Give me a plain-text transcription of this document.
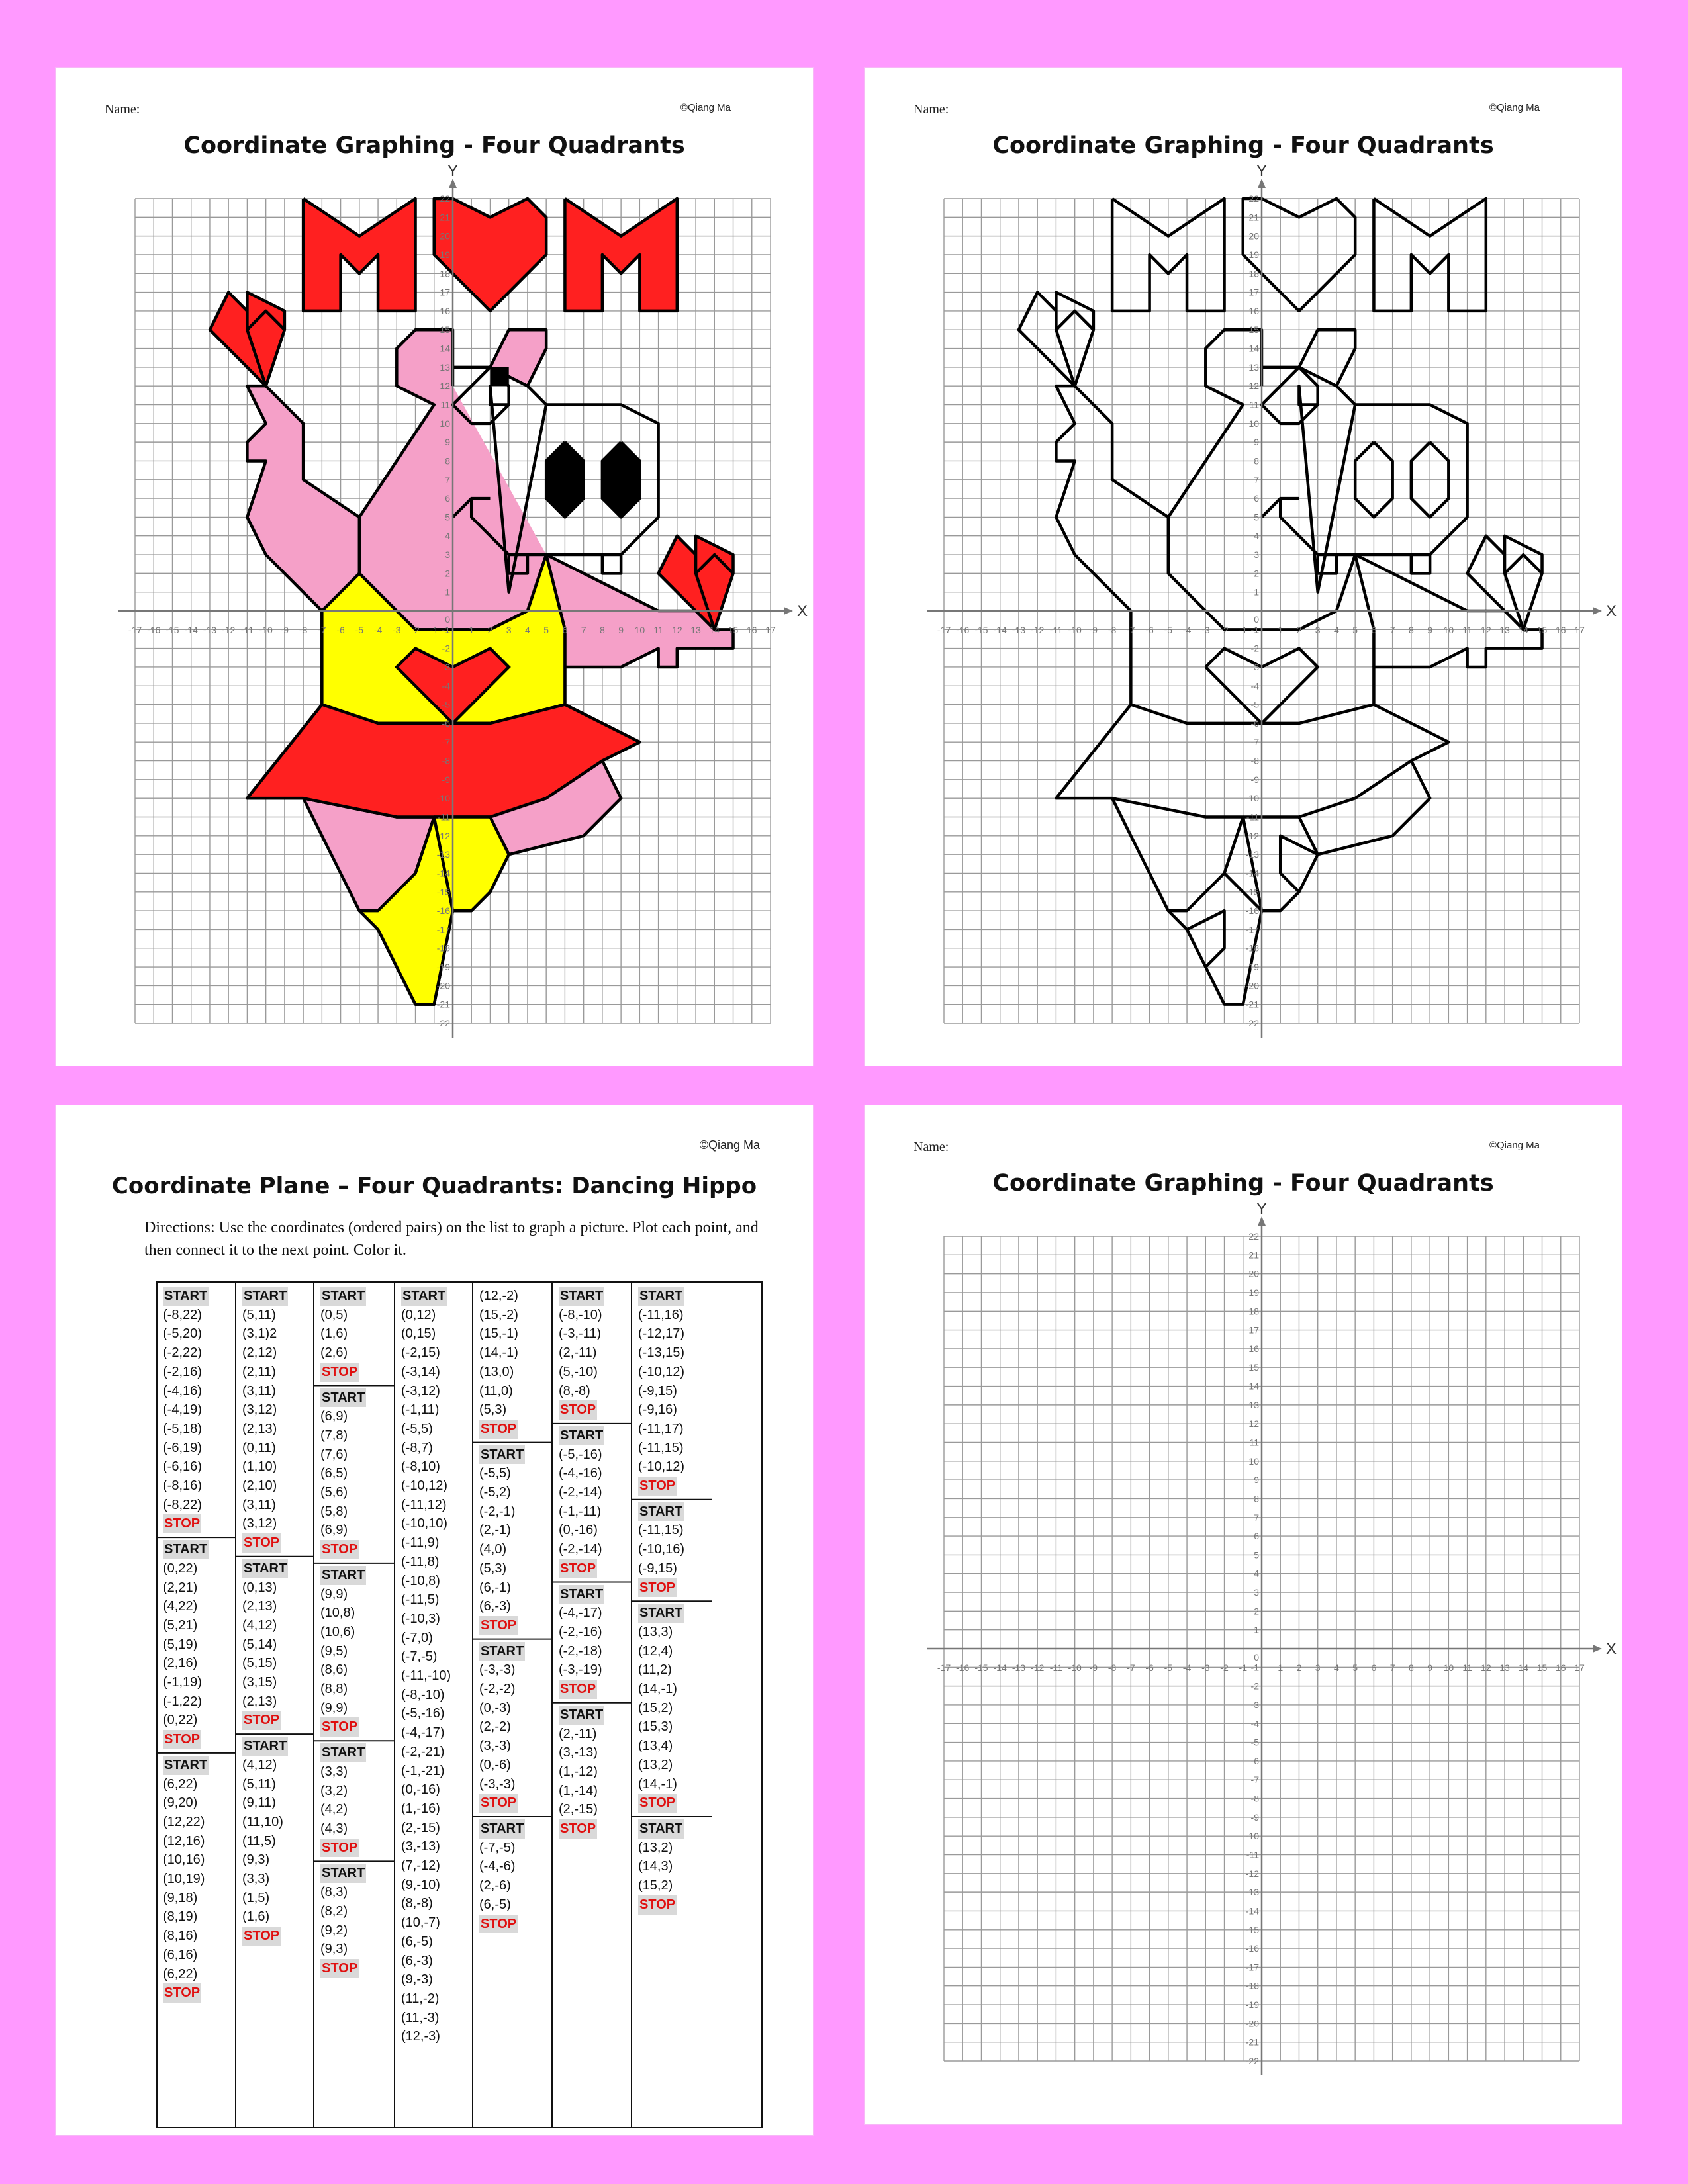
Name:	©Qiang Ma
Coordinate Graphing - Four Quadrants
X
Y
-17 -16 -15 -14 -13 -12 -11 -10 -9 -8 -7 -6 -5 -4 -3 -2 -1	1 2 3 4 5 6 7 8 9 10 11 12 13 14 15 16 17
-22
-21
-20
-19
-18
-17
-16
-15
-14
-13
-12
-11
-10
-9
-8
-7
-6
-5
-4
-3
-2
-1
1
2
3
4
5
6
7
8
9
10
11
12
13
14
15
16
17
18
19
20
21
22
0
Name:	©Qiang Ma
Coordinate Graphing - Four Quadrants
X
Y
-17 -16 -15 -14 -13 -12 -11 -10 -9 -8 -7 -6 -5 -4 -3 -2 -1	1 2 3 4 5 6 7 8 9 10 11 12 13 14 15 16 17
-22
-21
-20
-19
-18
-17
-16
-15
-14
-13
-12
-11
-10
-9
-8
-7
-6
-5
-4
-3
-2
-1
1
2
3
4
5
6
7
8
9
10
11
12
13
14
15
16
17
18
19
20
21
22
0
©Qiang Ma
Coordinate Plane – Four Quadrants: Dancing Hippo
Directions: Use the coordinates (ordered pairs) on the list to graph a picture. Plot each point, and then connect it to the next point. Color it.
START
(-8,22)
(-5,20)
(-2,22)
(-2,16)
(-4,16)
(-4,19)
(-5,18)
(-6,19)
(-6,16)
(-8,16)
(-8,22)
STOP
START
(0,22)
(2,21)
(4,22)
(5,21)
(5,19)
(2,16)
(-1,19)
(-1,22)
(0,22)
STOP
START
(6,22)
(9,20)
(12,22)
(12,16)
(10,16)
(10,19)
(9,18)
(8,19)
(8,16)
(6,16)
(6,22)
STOP
START
(5,11)
(3,1)2
(2,12)
(2,11)
(3,11)
(3,12)
(2,13)
(0,11)
(1,10)
(2,10)
(3,11)
(3,12)
STOP
START
(0,13)
(2,13)
(4,12)
(5,14)
(5,15)
(3,15)
(2,13)
STOP
START
(4,12)
(5,11)
(9,11)
(11,10)
(11,5)
(9,3)
(3,3)
(1,5)
(1,6)
STOP
START
(0,5)
(1,6)
(2,6)
STOP
START
(6,9)
(7,8)
(7,6)
(6,5)
(5,6)
(5,8)
(6,9)
STOP
START
(9,9)
(10,8)
(10,6)
(9,5)
(8,6)
(8,8)
(9,9)
STOP
START
(3,3)
(3,2)
(4,2)
(4,3)
STOP
START
(8,3)
(8,2)
(9,2)
(9,3)
STOP
START
(0,12)
(0,15)
(-2,15)
(-3,14)
(-3,12)
(-1,11)
(-5,5)
(-8,7)
(-8,10)
(-10,12)
(-11,12)
(-10,10)
(-11,9)
(-11,8)
(-10,8)
(-11,5)
(-10,3)
(-7,0)
(-7,-5)
(-11,-10)
(-8,-10)
(-5,-16)
(-4,-17)
(-2,-21)
(-1,-21)
(0,-16)
(1,-16)
(2,-15)
(3,-13)
(7,-12)
(9,-10)
(8,-8)
(10,-7)
(6,-5)
(6,-3)
(9,-3)
(11,-2)
(11,-3)
(12,-3)
(12,-2)
(15,-2)
(15,-1)
(14,-1)
(13,0)
(11,0)
(5,3)
STOP
START
(-5,5)
(-5,2)
(-2,-1)
(2,-1)
(4,0)
(5,3)
(6,-1)
(6,-3)
STOP
START
(-3,-3)
(-2,-2)
(0,-3)
(2,-2)
(3,-3)
(0,-6)
(-3,-3)
STOP
START
(-7,-5)
(-4,-6)
(2,-6)
(6,-5)
STOP
START
(-8,-10)
(-3,-11)
(2,-11)
(5,-10)
(8,-8)
STOP
START
(-5,-16)
(-4,-16)
(-2,-14)
(-1,-11)
(0,-16)
(-2,-14)
STOP
START
(-4,-17)
(-2,-16)
(-2,-18)
(-3,-19)
STOP
START
(2,-11)
(3,-13)
(1,-12)
(1,-14)
(2,-15)
STOP
START
(-11,16)
(-12,17)
(-13,15)
(-10,12)
(-9,15)
(-9,16)
(-11,17)
(-11,15)
(-10,12)
STOP
START
(-11,15)
(-10,16)
(-9,15)
STOP
START
(13,3)
(12,4)
(11,2)
(14,-1)
(15,2)
(15,3)
(13,4)
(13,2)
(14,-1)
STOP
START
(13,2)
(14,3)
(15,2)
STOP
Name:	©Qiang Ma
Coordinate Graphing - Four Quadrants
X
Y
-17 -16 -15 -14 -13 -12 -11 -10 -9 -8 -7 -6 -5 -4 -3 -2 -1	1 2 3 4 5 6 7 8 9 10 11 12 13 14 15 16 17
-22
-21
-20
-19
-18
-17
-16
-15
-14
-13
-12
-11
-10
-9
-8
-7
-6
-5
-4
-3
-2
-1
1
2
3
4
5
6
7
8
9
10
11
12
13
14
15
16
17
18
19
20
21
22
0
